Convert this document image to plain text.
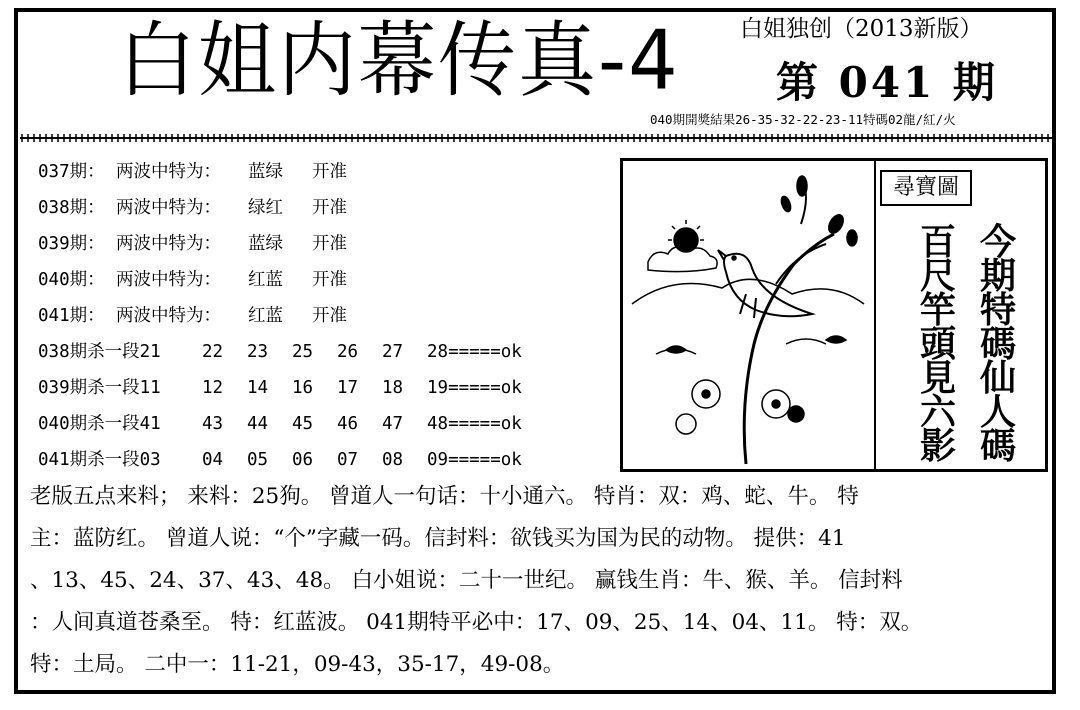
白姐内幕传真-4	白姐独创（2013新版）
第 041 期
040期開獎結果26-35-32-22-23-11特碼02龍/紅/火
037期： 两波中特为： 蓝绿 开准
038期： 两波中特为： 绿红 开准
039期： 两波中特为： 蓝绿 开准
040期： 两波中特为： 红蓝 开准
041期： 两波中特为： 红蓝 开准
038期杀一段21 22 23 25 26 27 28=====ok
039期杀一段11 12 14 16 17 18 19=====ok
040期杀一段41 43 44 45 46 47 48=====ok
041期杀一段03 04 05 06 07 08 09=====ok
尋寶圖
今
期
特
碼
仙
人
碼
百
尺
竿
頭
見
六
影
老版五点来料； 来料：25狗。 曾道人一句话：十小通六。 特肖：双：鸡、蛇、牛。 特
主：蓝防红。 曾道人说：“个”字藏一码。信封料：欲钱买为国为民的动物。 提供：41
、13、45、24、37、43、48。 白小姐说：二十一世纪。 赢钱生肖：牛、猴、羊。 信封料
：人间真道苍桑至。 特：红蓝波。 041期特平必中：17、09、25、14、04、11。 特：双。
特：土局。 二中一：11-21，09-43，35-17，49-08。
